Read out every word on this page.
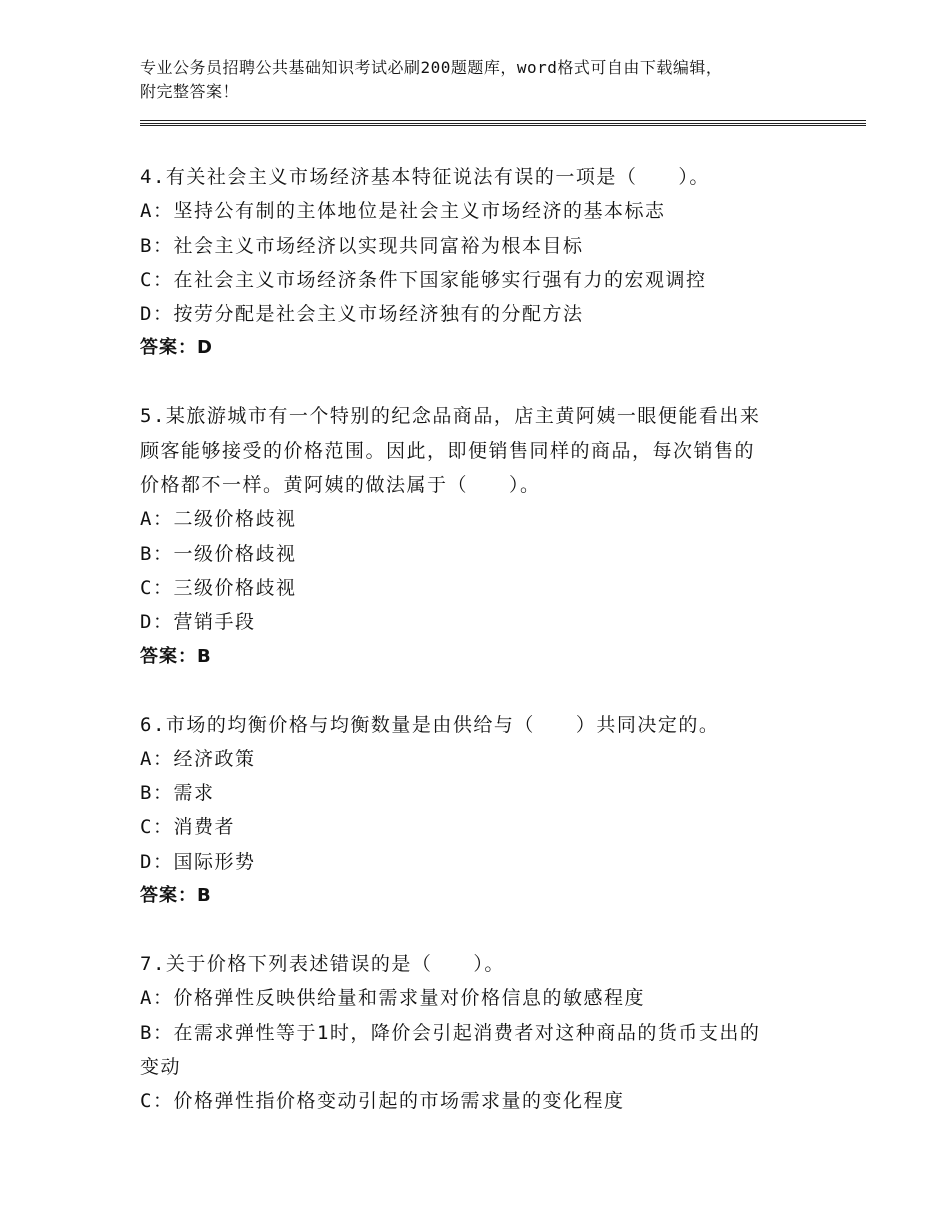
专业公务员招聘公共基础知识考试必刷200题题库，word格式可自由下载编辑，
附完整答案！
4.有关社会主义市场经济基本特征说法有误的一项是（　　）。
A：坚持公有制的主体地位是社会主义市场经济的基本标志
B：社会主义市场经济以实现共同富裕为根本目标
C：在社会主义市场经济条件下国家能够实行强有力的宏观调控
D：按劳分配是社会主义市场经济独有的分配方法
答案：D
5.某旅游城市有一个特别的纪念品商品，店主黄阿姨一眼便能看出来
顾客能够接受的价格范围。因此，即便销售同样的商品，每次销售的
价格都不一样。黄阿姨的做法属于（　　）。
A：二级价格歧视
B：一级价格歧视
C：三级价格歧视
D：营销手段
答案：B
6.市场的均衡价格与均衡数量是由供给与（　　）共同决定的。
A：经济政策
B：需求
C：消费者
D：国际形势
答案：B
7.关于价格下列表述错误的是（　　）。
A：价格弹性反映供给量和需求量对价格信息的敏感程度
B：在需求弹性等于1时，降价会引起消费者对这种商品的货币支出的
变动
C：价格弹性指价格变动引起的市场需求量的变化程度
